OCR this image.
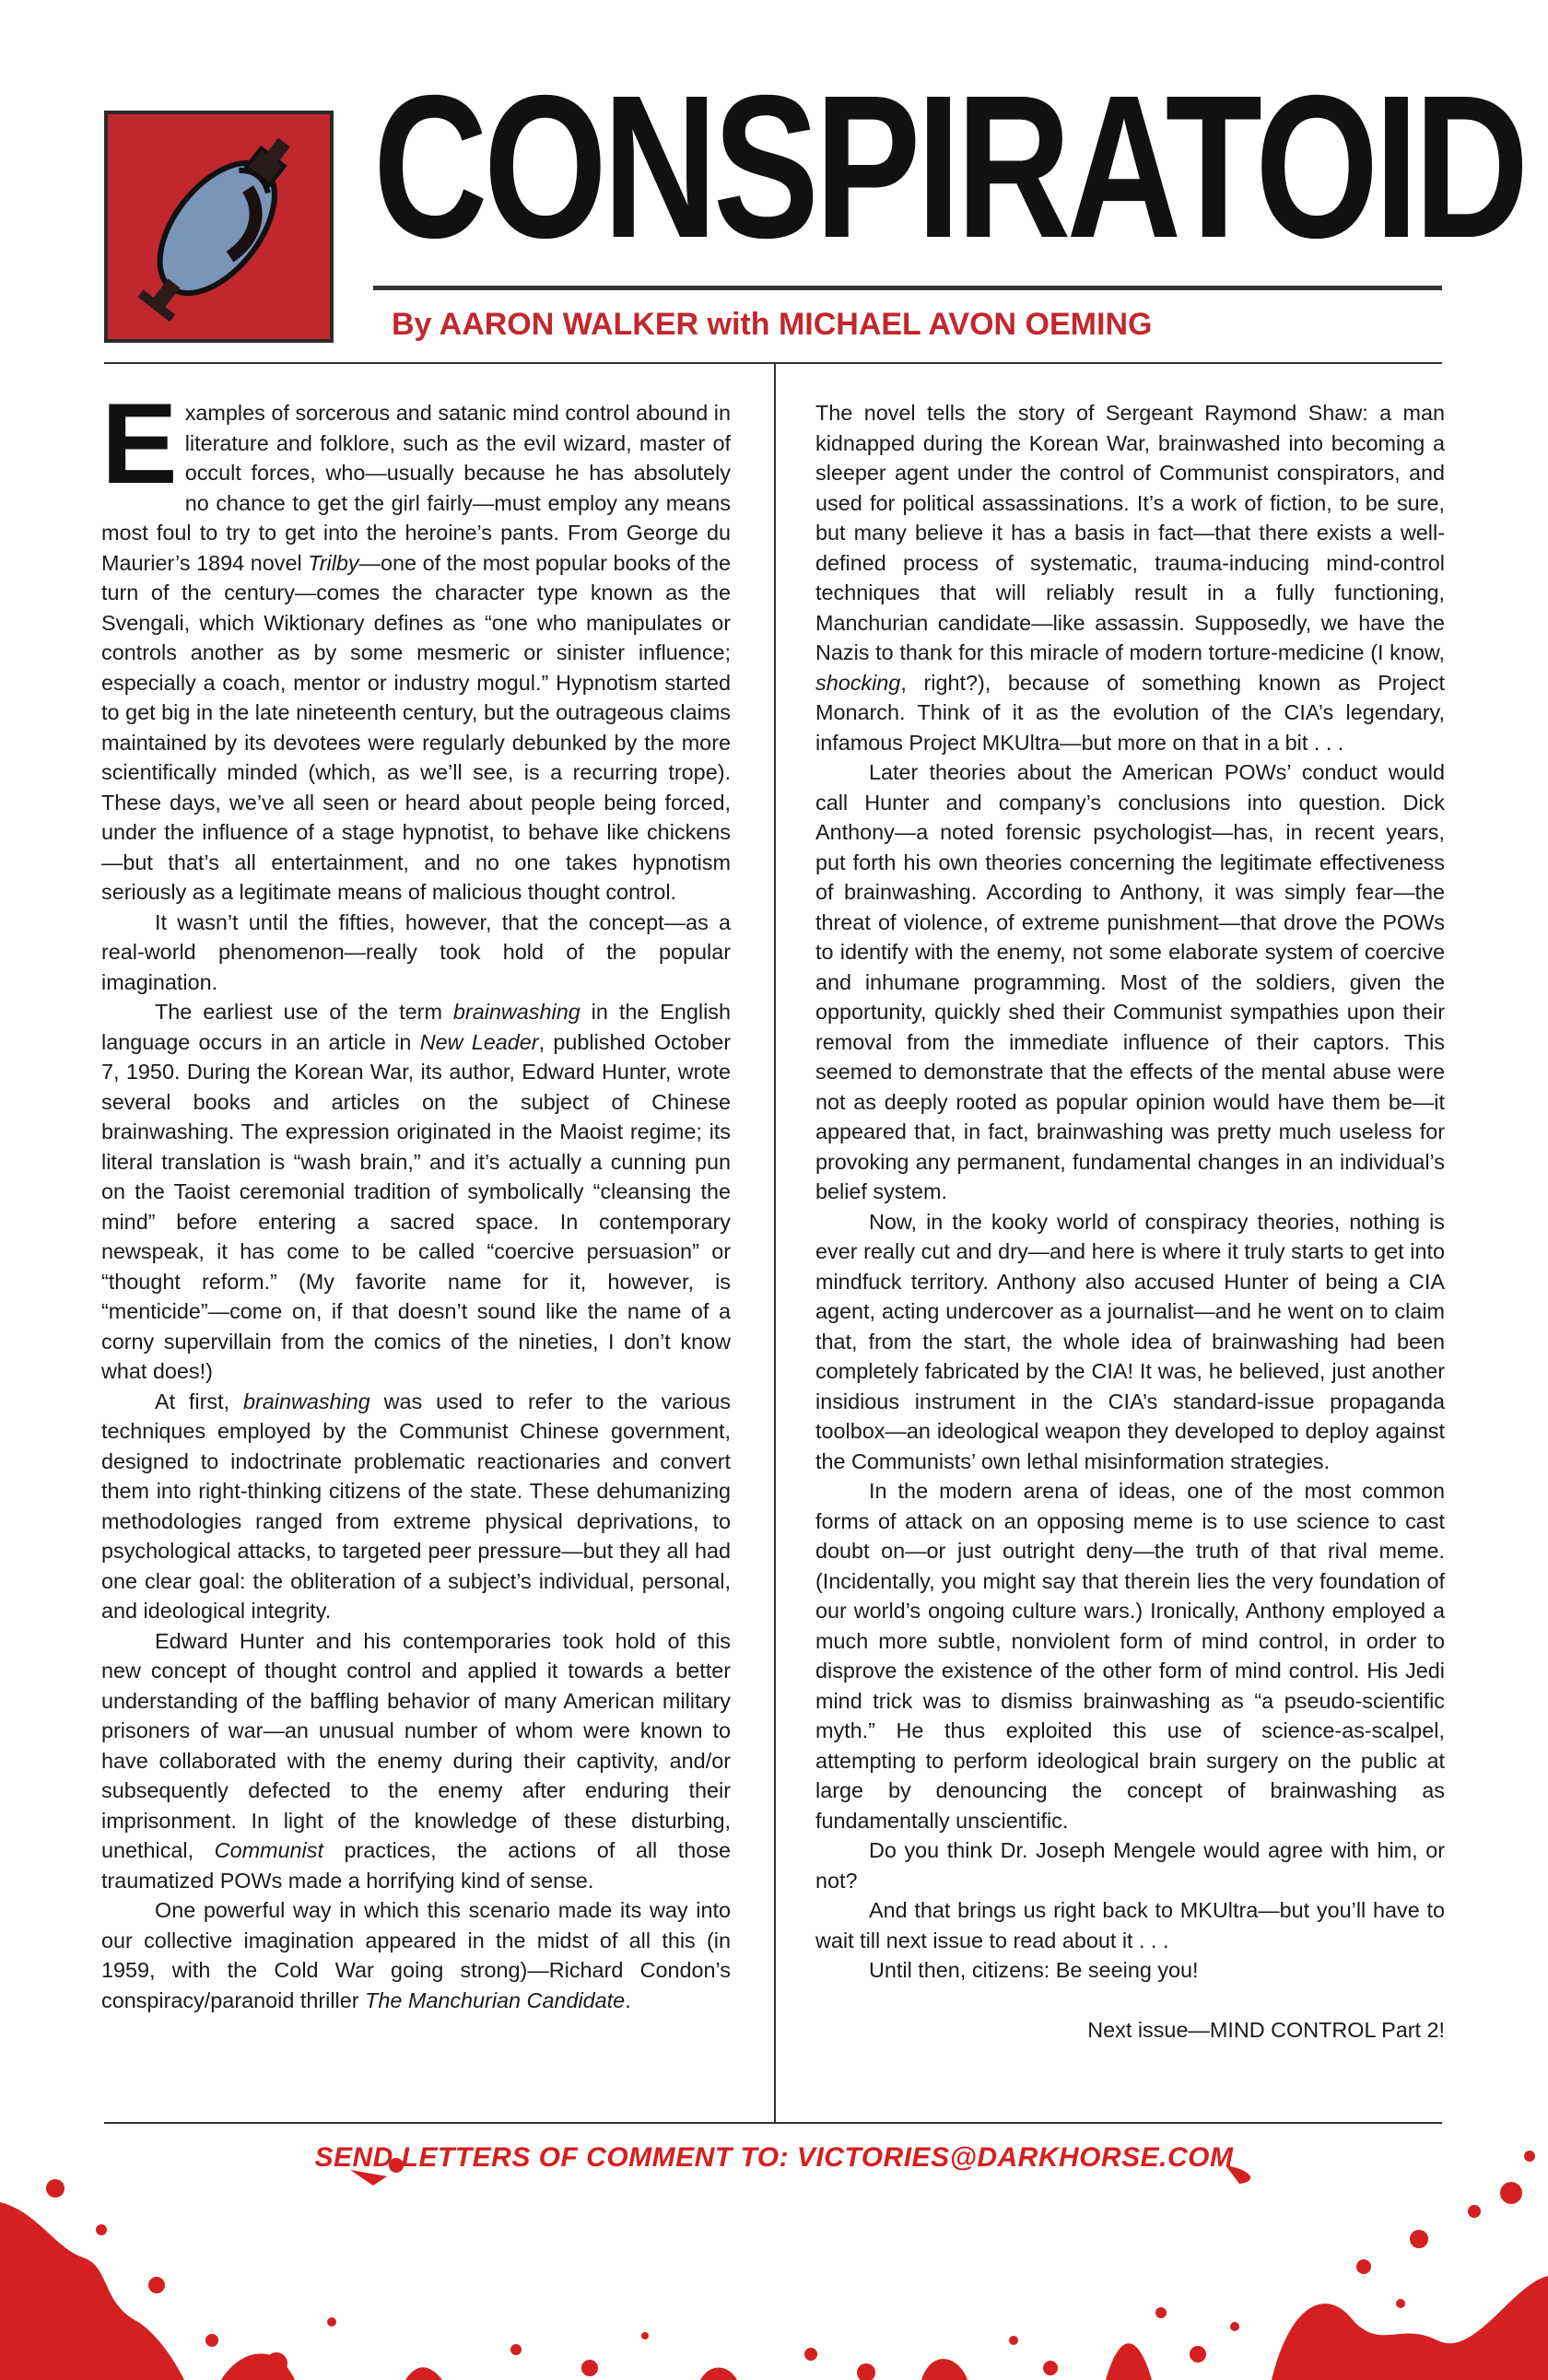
CONSPIRATOID
By AARON WALKER with MICHAEL AVON OEMING

Examples of sorcerous and satanic mind control abound in literature and folklore, such as the evil wizard, master of occult forces, who—usually because he has absolutely no chance to get the girl fairly—must employ any means most foul to try to get into the heroine’s pants. From George du Maurier’s 1894 novel Trilby—one of the most popular books of the turn of the century—comes the character type known as the Svengali, which Wiktionary defines as “one who manipulates or controls another as by some mesmeric or sinister influence; especially a coach, mentor or industry mogul.” Hypnotism started to get big in the late nineteenth century, but the outrageous claims maintained by its devotees were regularly debunked by the more scientifically minded (which, as we’ll see, is a recurring trope). These days, we’ve all seen or heard about people being forced, under the influence of a stage hypnotist, to behave like chickens—but that’s all entertainment, and no one takes hypnotism seriously as a legitimate means of malicious thought control.

It wasn’t until the fifties, however, that the concept—as a real-world phenomenon—really took hold of the popular imagination.

The earliest use of the term brainwashing in the English language occurs in an article in New Leader, published October 7, 1950. During the Korean War, its author, Edward Hunter, wrote several books and articles on the subject of Chinese brainwashing. The expression originated in the Maoist regime; its literal translation is “wash brain,” and it’s actually a cunning pun on the Taoist ceremonial tradition of symbolically “cleansing the mind” before entering a sacred space. In contemporary newspeak, it has come to be called “coercive persuasion” or “thought reform.” (My favorite name for it, however, is “menticide”—come on, if that doesn’t sound like the name of a corny supervillain from the comics of the nineties, I don’t know what does!)

At first, brainwashing was used to refer to the various techniques employed by the Communist Chinese government, designed to indoctrinate problematic reactionaries and convert them into right-thinking citizens of the state. These dehumanizing methodologies ranged from extreme physical deprivations, to psychological attacks, to targeted peer pressure—but they all had one clear goal: the obliteration of a subject’s individual, personal, and ideological integrity.

Edward Hunter and his contemporaries took hold of this new concept of thought control and applied it towards a better understanding of the baffling behavior of many American military prisoners of war—an unusual number of whom were known to have collaborated with the enemy during their captivity, and/or subsequently defected to the enemy after enduring their imprisonment. In light of the knowledge of these disturbing, unethical, Communist practices, the actions of all those traumatized POWs made a horrifying kind of sense.

One powerful way in which this scenario made its way into our collective imagination appeared in the midst of all this (in 1959, with the Cold War going strong)—Richard Condon’s conspiracy/paranoid thriller The Manchurian Candidate.

The novel tells the story of Sergeant Raymond Shaw: a man kidnapped during the Korean War, brainwashed into becoming a sleeper agent under the control of Communist conspirators, and used for political assassinations. It’s a work of fiction, to be sure, but many believe it has a basis in fact—that there exists a well-defined process of systematic, trauma-inducing mind-control techniques that will reliably result in a fully functioning, Manchurian candidate—like assassin. Supposedly, we have the Nazis to thank for this miracle of modern torture-medicine (I know, shocking, right?), because of something known as Project Monarch. Think of it as the evolution of the CIA’s legendary, infamous Project MKUltra—but more on that in a bit . . .

Later theories about the American POWs’ conduct would call Hunter and company’s conclusions into question. Dick Anthony—a noted forensic psychologist—has, in recent years, put forth his own theories concerning the legitimate effectiveness of brainwashing. According to Anthony, it was simply fear—the threat of violence, of extreme punishment—that drove the POWs to identify with the enemy, not some elaborate system of coercive and inhumane programming. Most of the soldiers, given the opportunity, quickly shed their Communist sympathies upon their removal from the immediate influence of their captors. This seemed to demonstrate that the effects of the mental abuse were not as deeply rooted as popular opinion would have them be—it appeared that, in fact, brainwashing was pretty much useless for provoking any permanent, fundamental changes in an individual’s belief system.

Now, in the kooky world of conspiracy theories, nothing is ever really cut and dry—and here is where it truly starts to get into mindfuck territory. Anthony also accused Hunter of being a CIA agent, acting undercover as a journalist—and he went on to claim that, from the start, the whole idea of brainwashing had been completely fabricated by the CIA! It was, he believed, just another insidious instrument in the CIA’s standard-issue propaganda toolbox—an ideological weapon they developed to deploy against the Communists’ own lethal misinformation strategies.

In the modern arena of ideas, one of the most common forms of attack on an opposing meme is to use science to cast doubt on—or just outright deny—the truth of that rival meme. (Incidentally, you might say that therein lies the very foundation of our world’s ongoing culture wars.) Ironically, Anthony employed a much more subtle, nonviolent form of mind control, in order to disprove the existence of the other form of mind control. His Jedi mind trick was to dismiss brainwashing as “a pseudo-scientific myth.” He thus exploited this use of science-as-scalpel, attempting to perform ideological brain surgery on the public at large by denouncing the concept of brainwashing as fundamentally unscientific.

Do you think Dr. Joseph Mengele would agree with him, or not?

And that brings us right back to MKUltra—but you’ll have to wait till next issue to read about it . . .

Until then, citizens: Be seeing you!

Next issue—MIND CONTROL Part 2!

SEND LETTERS OF COMMENT TO: VICTORIES@DARKHORSE.COM
